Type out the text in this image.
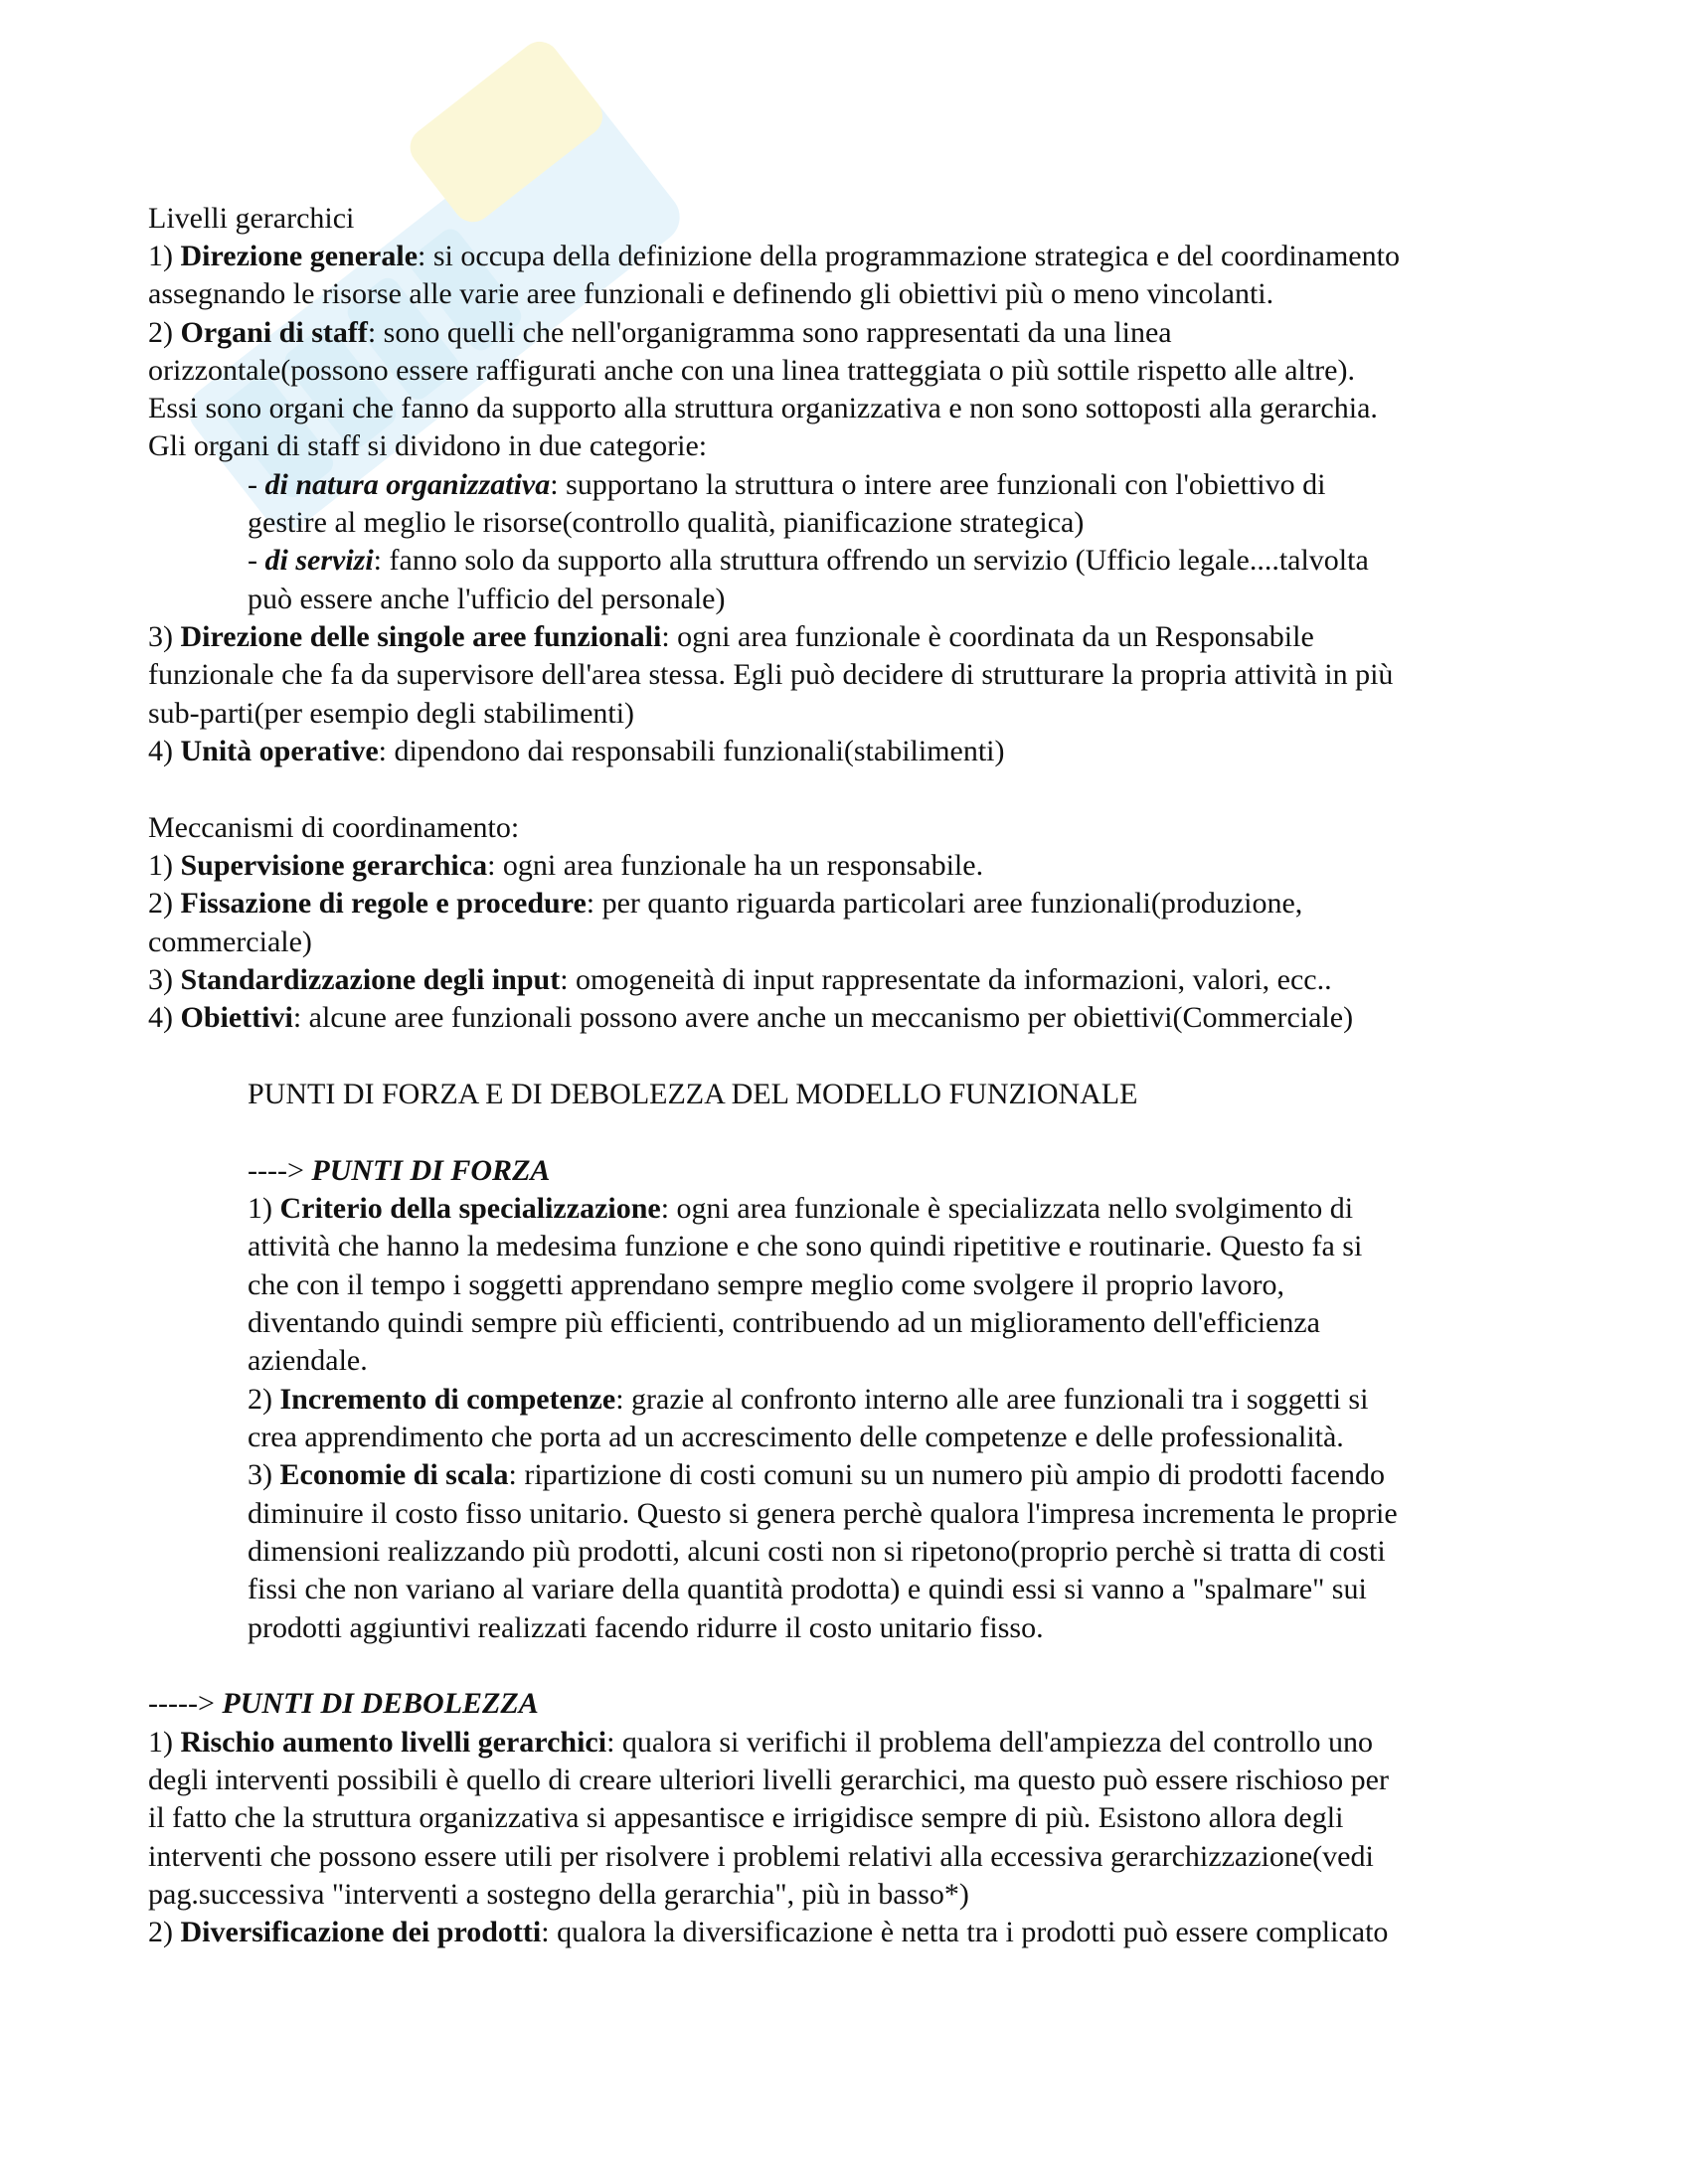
Livelli gerarchici
1) Direzione generale: si occupa della definizione della programmazione strategica e del coordinamento
assegnando le risorse alle varie aree funzionali e definendo gli obiettivi più o meno vincolanti.
2) Organi di staff: sono quelli che nell'organigramma sono rappresentati da una linea
orizzontale(possono essere raffigurati anche con una linea tratteggiata o più sottile rispetto alle altre).
Essi sono organi che fanno da supporto alla struttura organizzativa e non sono sottoposti alla gerarchia.
Gli organi di staff si dividono in due categorie:
- di natura organizzativa: supportano la struttura o intere aree funzionali con l'obiettivo di
gestire al meglio le risorse(controllo qualità, pianificazione strategica)
- di servizi: fanno solo da supporto alla struttura offrendo un servizio (Ufficio legale....talvolta
può essere anche l'ufficio del personale)
3) Direzione delle singole aree funzionali: ogni area funzionale è coordinata da un Responsabile
funzionale che fa da supervisore dell'area stessa. Egli può decidere di strutturare la propria attività in più
sub-parti(per esempio degli stabilimenti)
4) Unità operative: dipendono dai responsabili funzionali(stabilimenti)
Meccanismi di coordinamento:
1) Supervisione gerarchica: ogni area funzionale ha un responsabile.
2) Fissazione di regole e procedure: per quanto riguarda particolari aree funzionali(produzione,
commerciale)
3) Standardizzazione degli input: omogeneità di input rappresentate da informazioni, valori, ecc..
4) Obiettivi: alcune aree funzionali possono avere anche un meccanismo per obiettivi(Commerciale)
PUNTI DI FORZA E DI DEBOLEZZA DEL MODELLO FUNZIONALE
----> PUNTI DI FORZA
1) Criterio della specializzazione: ogni area funzionale è specializzata nello svolgimento di
attività che hanno la medesima funzione e che sono quindi ripetitive e routinarie. Questo fa si
che con il tempo i soggetti apprendano sempre meglio come svolgere il proprio lavoro,
diventando quindi sempre più efficienti, contribuendo ad un miglioramento dell'efficienza
aziendale.
2) Incremento di competenze: grazie al confronto interno alle aree funzionali tra i soggetti si
crea apprendimento che porta ad un accrescimento delle competenze e delle professionalità.
3) Economie di scala: ripartizione di costi comuni su un numero più ampio di prodotti facendo
diminuire il costo fisso unitario. Questo si genera perchè qualora l'impresa incrementa le proprie
dimensioni realizzando più prodotti, alcuni costi non si ripetono(proprio perchè si tratta di costi
fissi che non variano al variare della quantità prodotta) e quindi essi si vanno a "spalmare" sui
prodotti aggiuntivi realizzati facendo ridurre il costo unitario fisso.
-----> PUNTI DI DEBOLEZZA
1) Rischio aumento livelli gerarchici: qualora si verifichi il problema dell'ampiezza del controllo uno
degli interventi possibili è quello di creare ulteriori livelli gerarchici, ma questo può essere rischioso per
il fatto che la struttura organizzativa si appesantisce e irrigidisce sempre di più. Esistono allora degli
interventi che possono essere utili per risolvere i problemi relativi alla eccessiva gerarchizzazione(vedi
pag.successiva "interventi a sostegno della gerarchia", più in basso*)
2) Diversificazione dei prodotti: qualora la diversificazione è netta tra i prodotti può essere complicato
